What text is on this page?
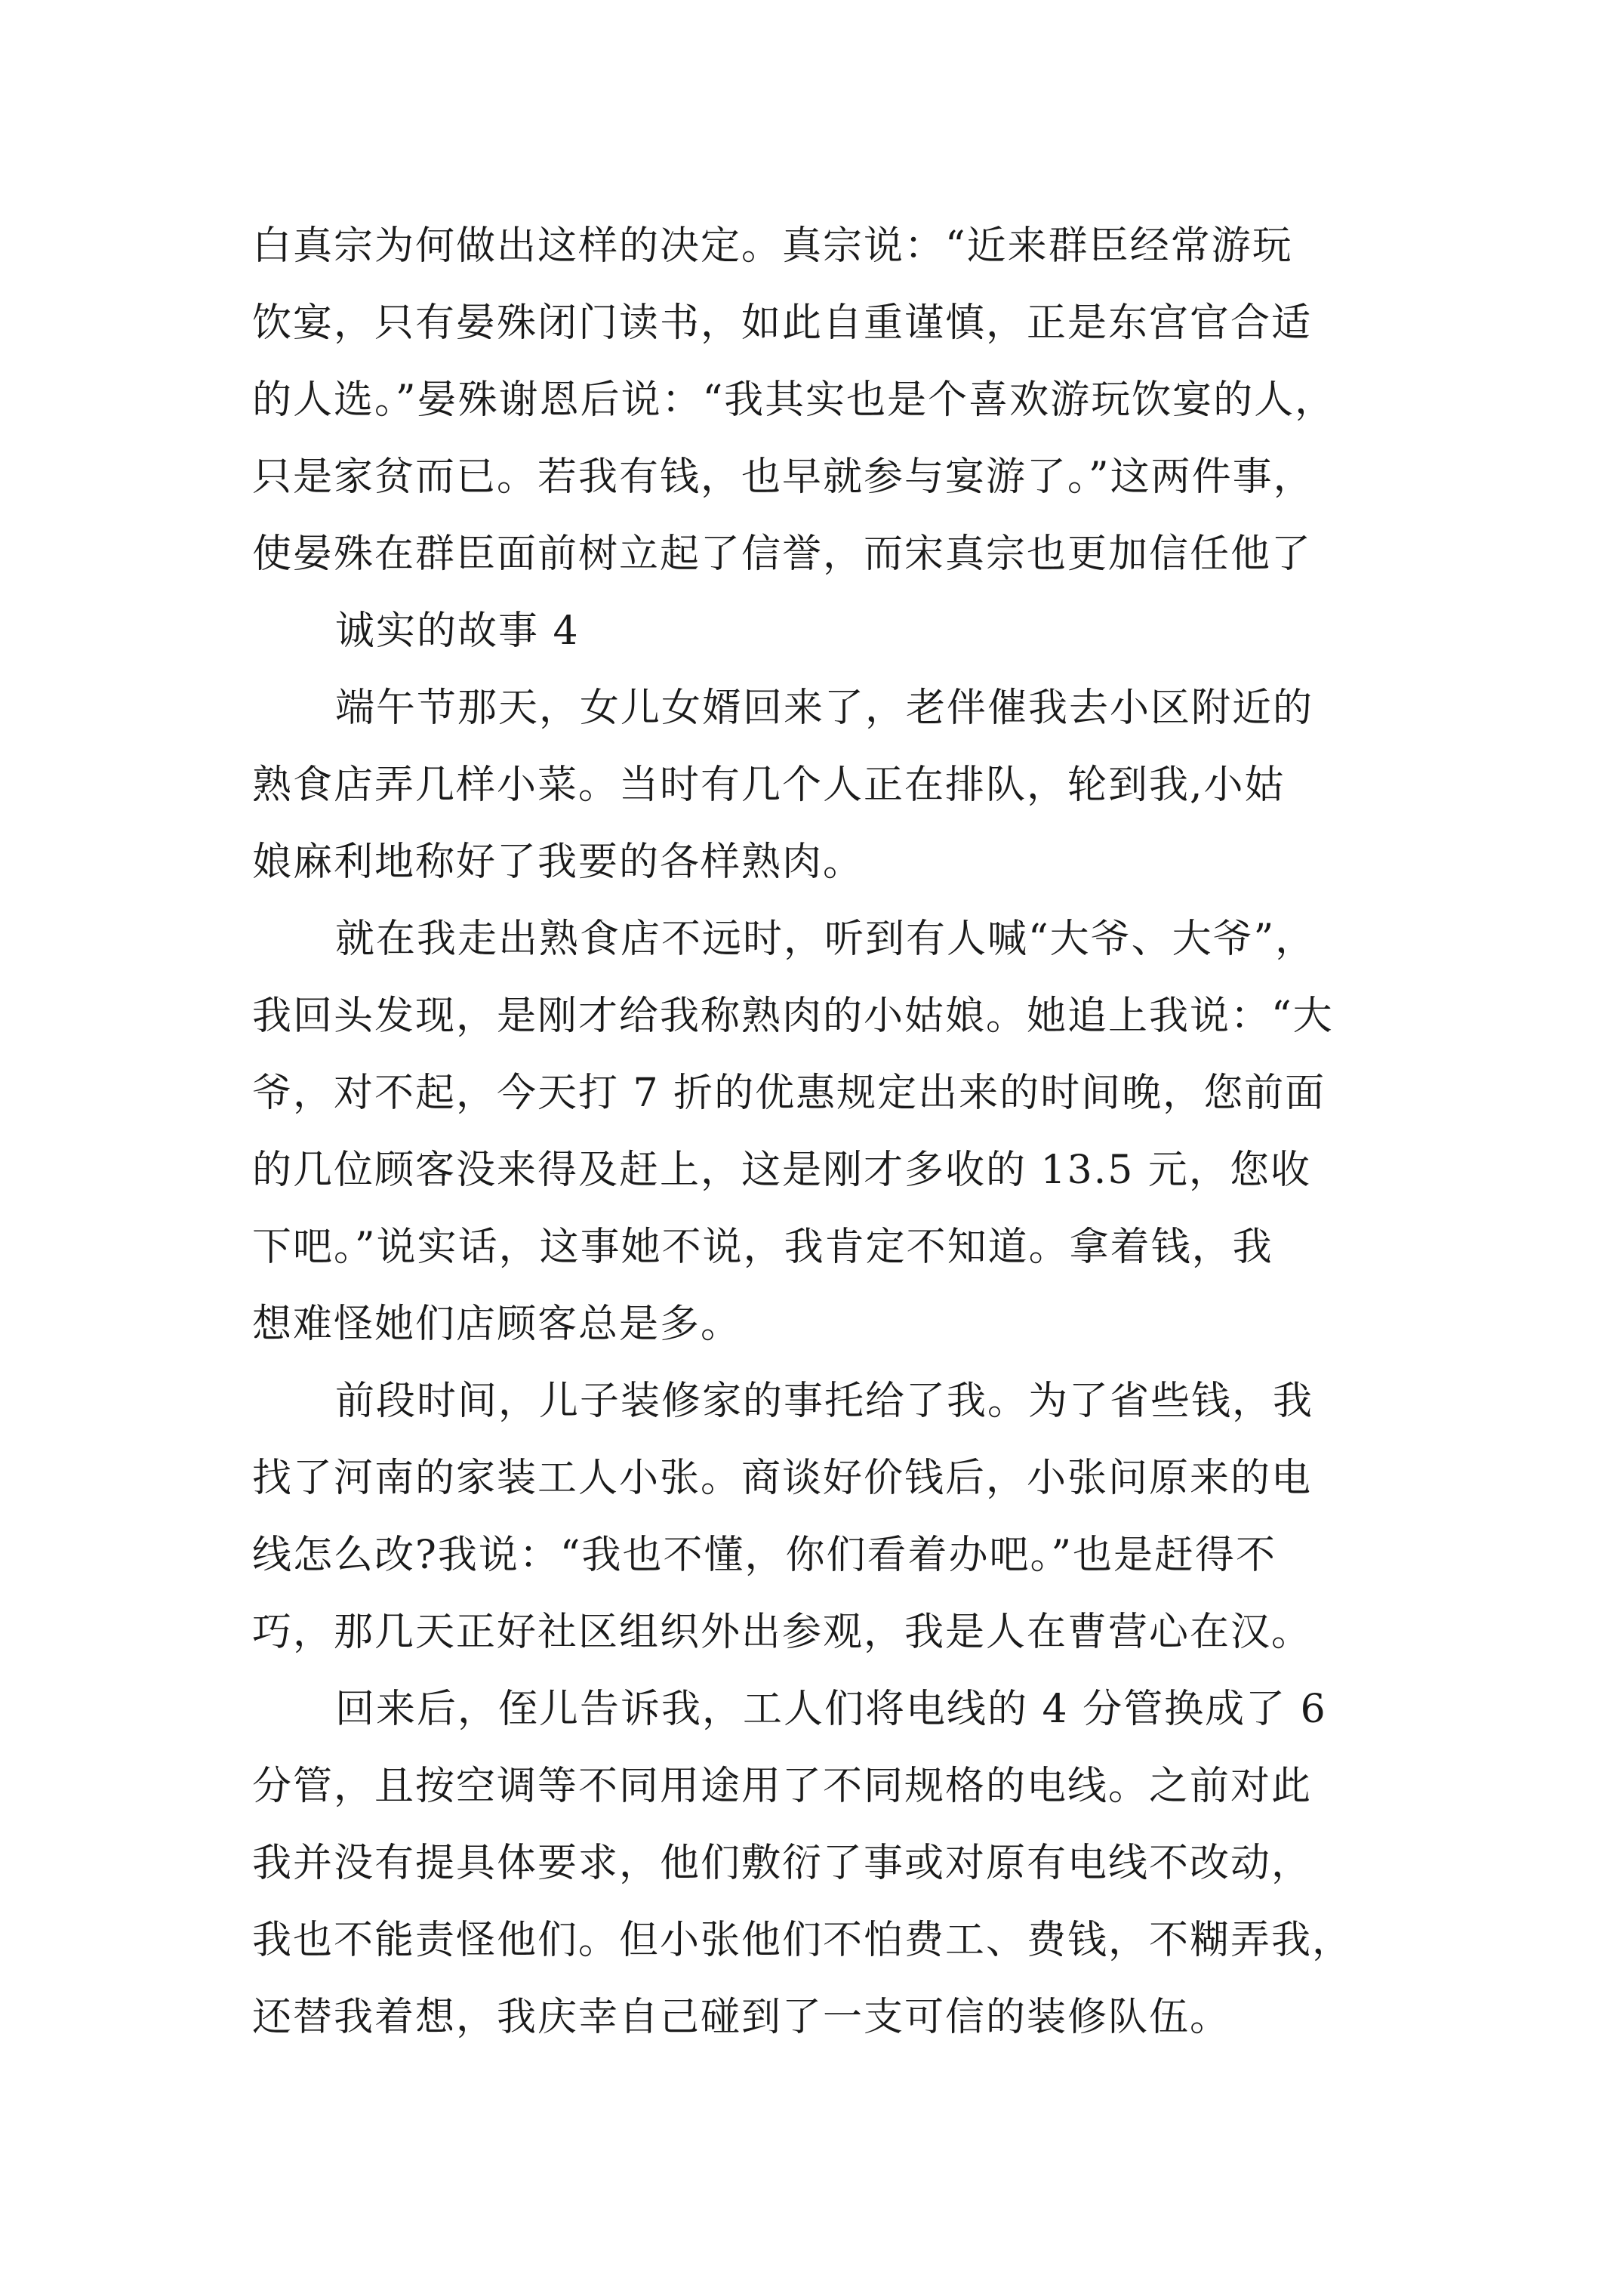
白真宗为何做出这样的决定。真宗说：“近来群臣经常游玩
饮宴，只有晏殊闭门读书，如此自重谨慎，正是东宫官合适
的人选。”晏殊谢恩后说：“我其实也是个喜欢游玩饮宴的人，
只是家贫而已。若我有钱，也早就参与宴游了。”这两件事，
使晏殊在群臣面前树立起了信誉，而宋真宗也更加信任他了
诚实的故事 4
端午节那天，女儿女婿回来了，老伴催我去小区附近的
熟食店弄几样小菜。当时有几个人正在排队，轮到我,小姑
娘麻利地称好了我要的各样熟肉。
就在我走出熟食店不远时，听到有人喊“大爷、大爷”，
我回头发现，是刚才给我称熟肉的小姑娘。她追上我说：“大
爷，对不起，今天打 7 折的优惠规定出来的时间晚，您前面
的几位顾客没来得及赶上，这是刚才多收的 13.5 元，您收
下吧。”说实话，这事她不说，我肯定不知道。拿着钱，我
想难怪她们店顾客总是多。
前段时间，儿子装修家的事托给了我。为了省些钱，我
找了河南的家装工人小张。商谈好价钱后，小张问原来的电
线怎么改?我说：“我也不懂，你们看着办吧。”也是赶得不
巧，那几天正好社区组织外出参观，我是人在曹营心在汉。
回来后，侄儿告诉我，工人们将电线的 4 分管换成了 6
分管，且按空调等不同用途用了不同规格的电线。之前对此
我并没有提具体要求，他们敷衍了事或对原有电线不改动，
我也不能责怪他们。但小张他们不怕费工、费钱，不糊弄我，
还替我着想，我庆幸自己碰到了一支可信的装修队伍。
